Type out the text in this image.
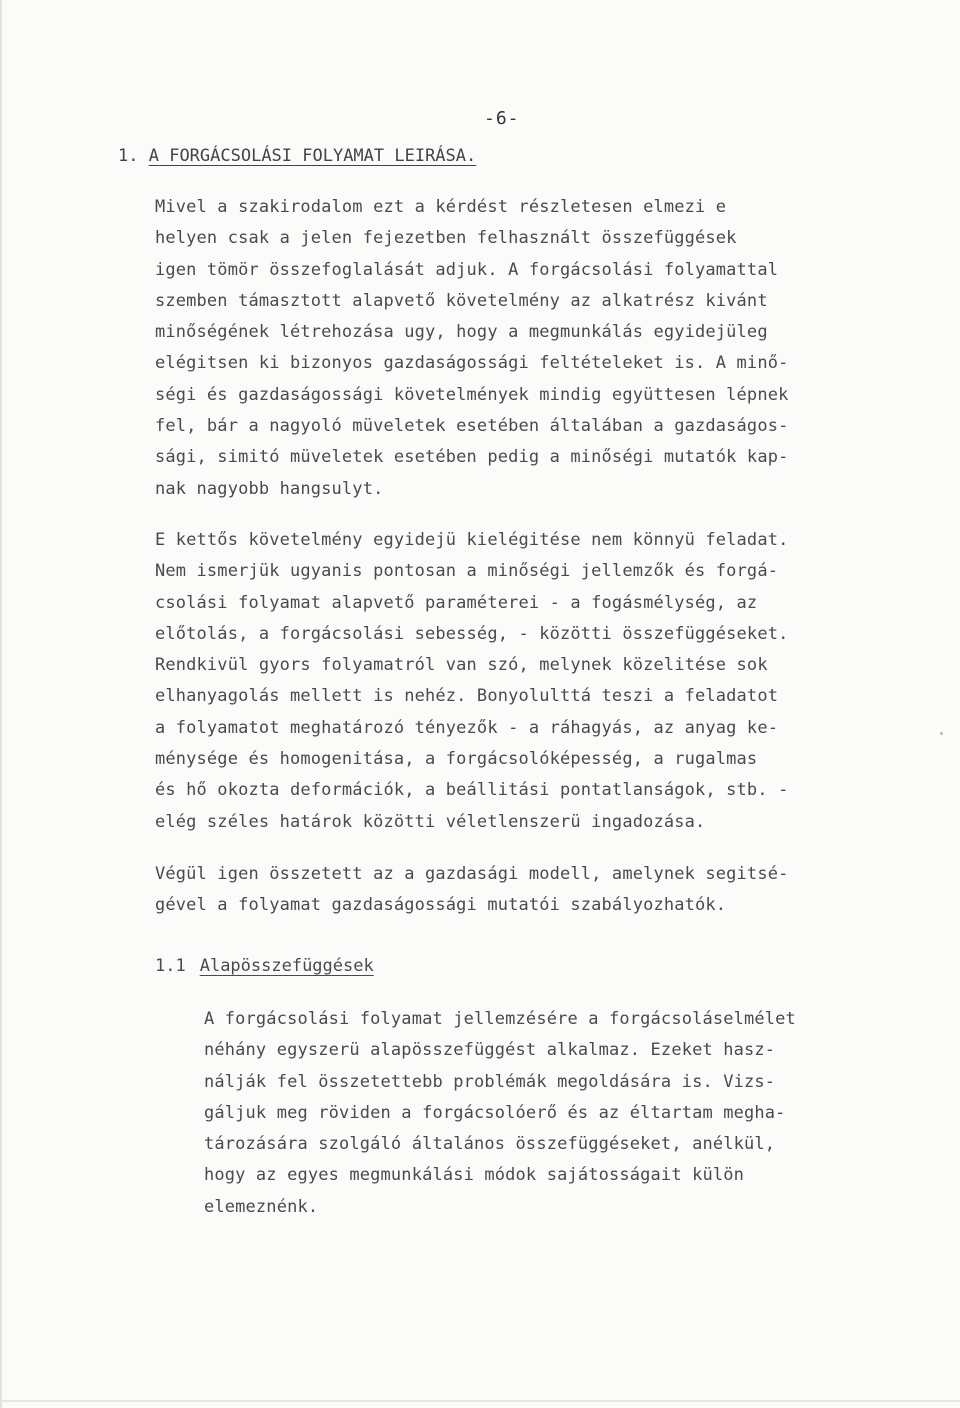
-6-
1. A FORGÁCSOLÁSI FOLYAMAT LEIRÁSA.
Mivel a szakirodalom ezt a kérdést részletesen elmezi e
helyen csak a jelen fejezetben felhasznált összefüggések
igen tömör összefoglalását adjuk. A forgácsolási folyamattal
szemben támasztott alapvető követelmény az alkatrész kivánt
minőségének létrehozása ugy, hogy a megmunkálás egyidejüleg
elégitsen ki bizonyos gazdaságossági feltételeket is. A minő-
ségi és gazdaságossági követelmények mindig együttesen lépnek
fel, bár a nagyoló müveletek esetében általában a gazdaságos-
sági, simitó müveletek esetében pedig a minőségi mutatók kap-
nak nagyobb hangsulyt.
E kettős követelmény egyidejü kielégitése nem könnyü feladat.
Nem ismerjük ugyanis pontosan a minőségi jellemzők és forgá-
csolási folyamat alapvető paraméterei - a fogásmélység, az
előtolás, a forgácsolási sebesség, - közötti összefüggéseket.
Rendkivül gyors folyamatról van szó, melynek közelitése sok
elhanyagolás mellett is nehéz. Bonyolulttá teszi a feladatot
a folyamatot meghatározó tényezők - a ráhagyás, az anyag ke-
ménysége és homogenitása, a forgácsolóképesség, a rugalmas
és hő okozta deformációk, a beállitási pontatlanságok, stb. -
elég széles határok közötti véletlenszerü ingadozása.
Végül igen összetett az a gazdasági modell, amelynek segitsé-
gével a folyamat gazdaságossági mutatói szabályozhatók.
1.1 Alapösszefüggések
A forgácsolási folyamat jellemzésére a forgácsoláselmélet
néhány egyszerü alapösszefüggést alkalmaz. Ezeket hasz-
nálják fel összetettebb problémák megoldására is. Vizs-
gáljuk meg röviden a forgácsolóerő és az éltartam megha-
tározására szolgáló általános összefüggéseket, anélkül,
hogy az egyes megmunkálási módok sajátosságait külön
elemeznénk.
